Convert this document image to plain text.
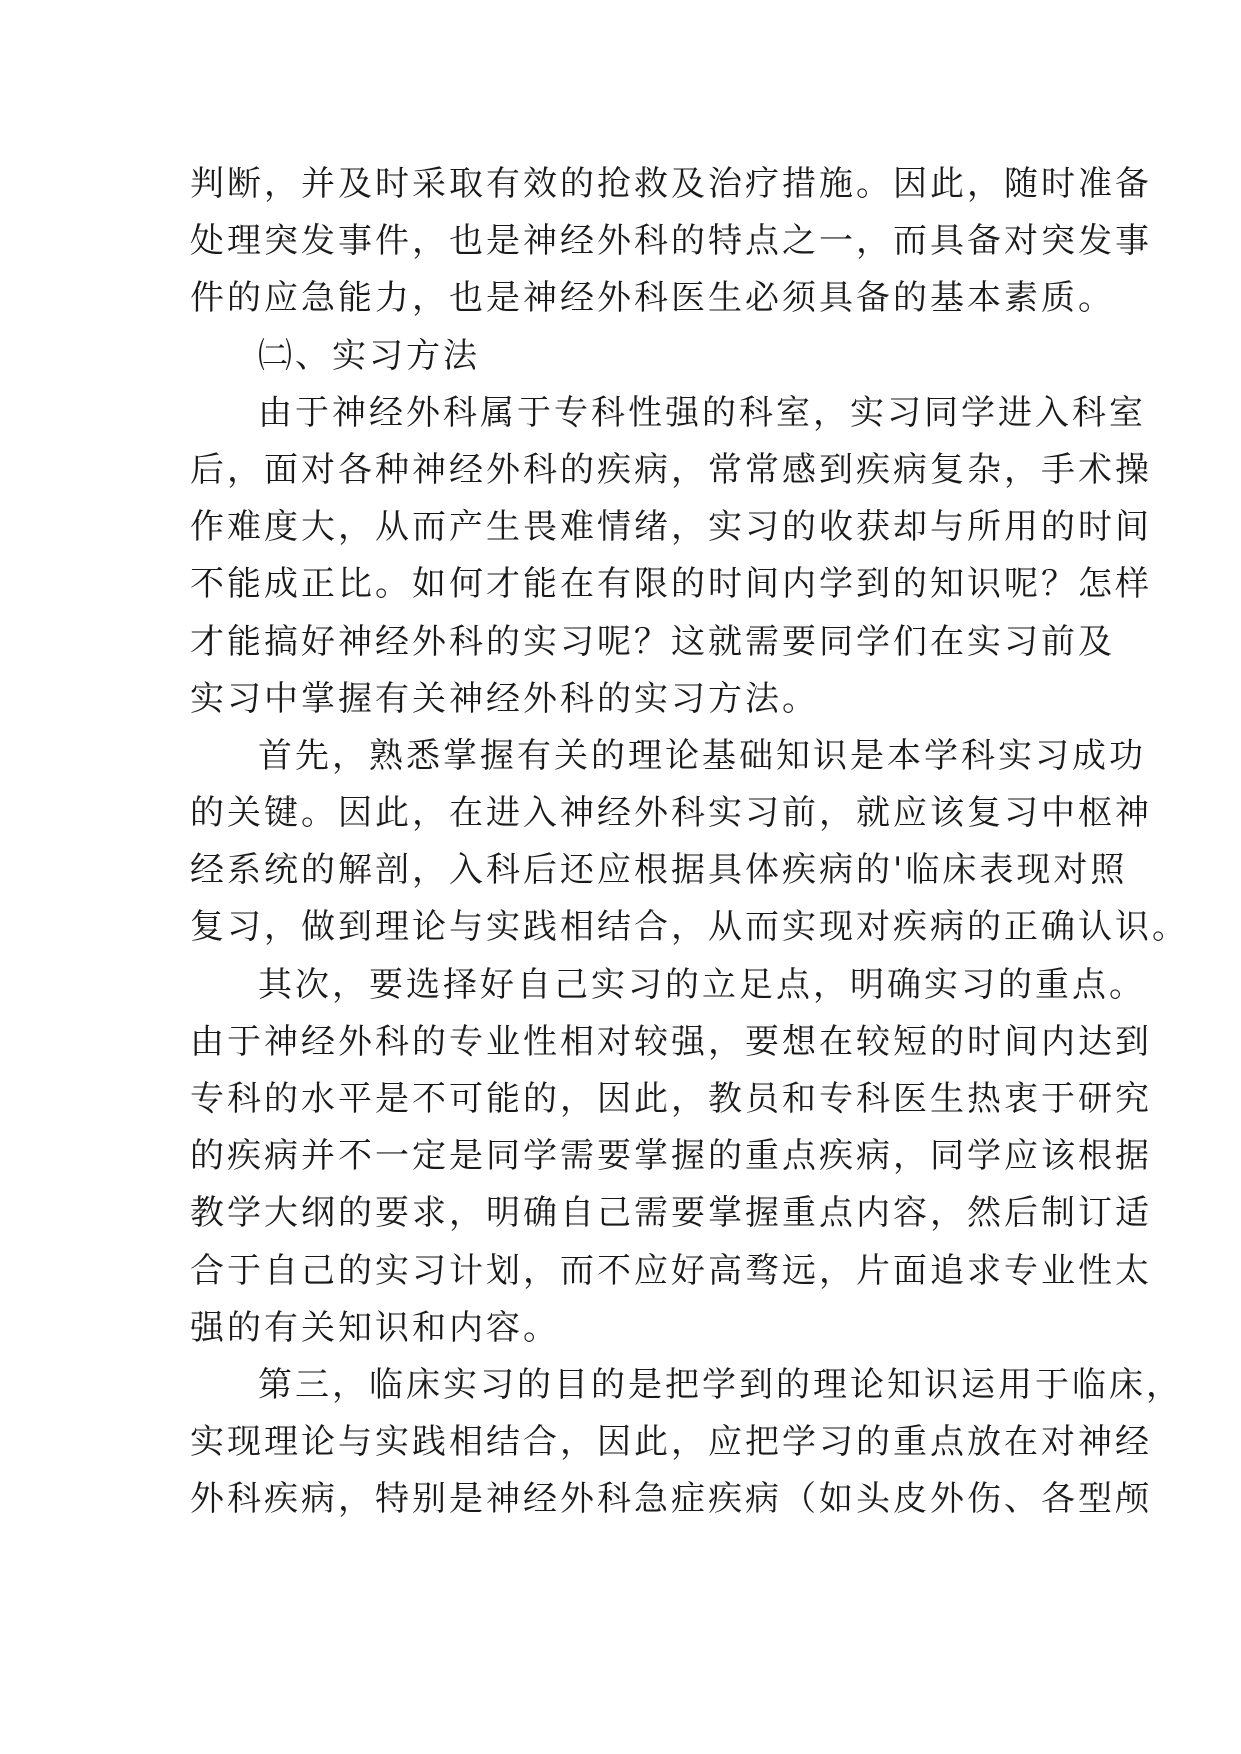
判断，并及时采取有效的抢救及治疗措施。因此，随时准备
处理突发事件，也是神经外科的特点之一，而具备对突发事
件的应急能力，也是神经外科医生必须具备的基本素质。
㈡、实习方法
由于神经外科属于专科性强的科室，实习同学进入科室
后，面对各种神经外科的疾病，常常感到疾病复杂，手术操
作难度大，从而产生畏难情绪，实习的收获却与所用的时间
不能成正比。如何才能在有限的时间内学到的知识呢？怎样
才能搞好神经外科的实习呢？这就需要同学们在实习前及
实习中掌握有关神经外科的实习方法。
首先，熟悉掌握有关的理论基础知识是本学科实习成功
的关键。因此，在进入神经外科实习前，就应该复习中枢神
经系统的解剖，入科后还应根据具体疾病的'临床表现对照
复习，做到理论与实践相结合，从而实现对疾病的正确认识。
其次，要选择好自己实习的立足点，明确实习的重点。
由于神经外科的专业性相对较强，要想在较短的时间内达到
专科的水平是不可能的，因此，教员和专科医生热衷于研究
的疾病并不一定是同学需要掌握的重点疾病，同学应该根据
教学大纲的要求，明确自己需要掌握重点内容，然后制订适
合于自己的实习计划，而不应好高骛远，片面追求专业性太
强的有关知识和内容。
第三，临床实习的目的是把学到的理论知识运用于临床，
实现理论与实践相结合，因此，应把学习的重点放在对神经
外科疾病，特别是神经外科急症疾病（如头皮外伤、各型颅
